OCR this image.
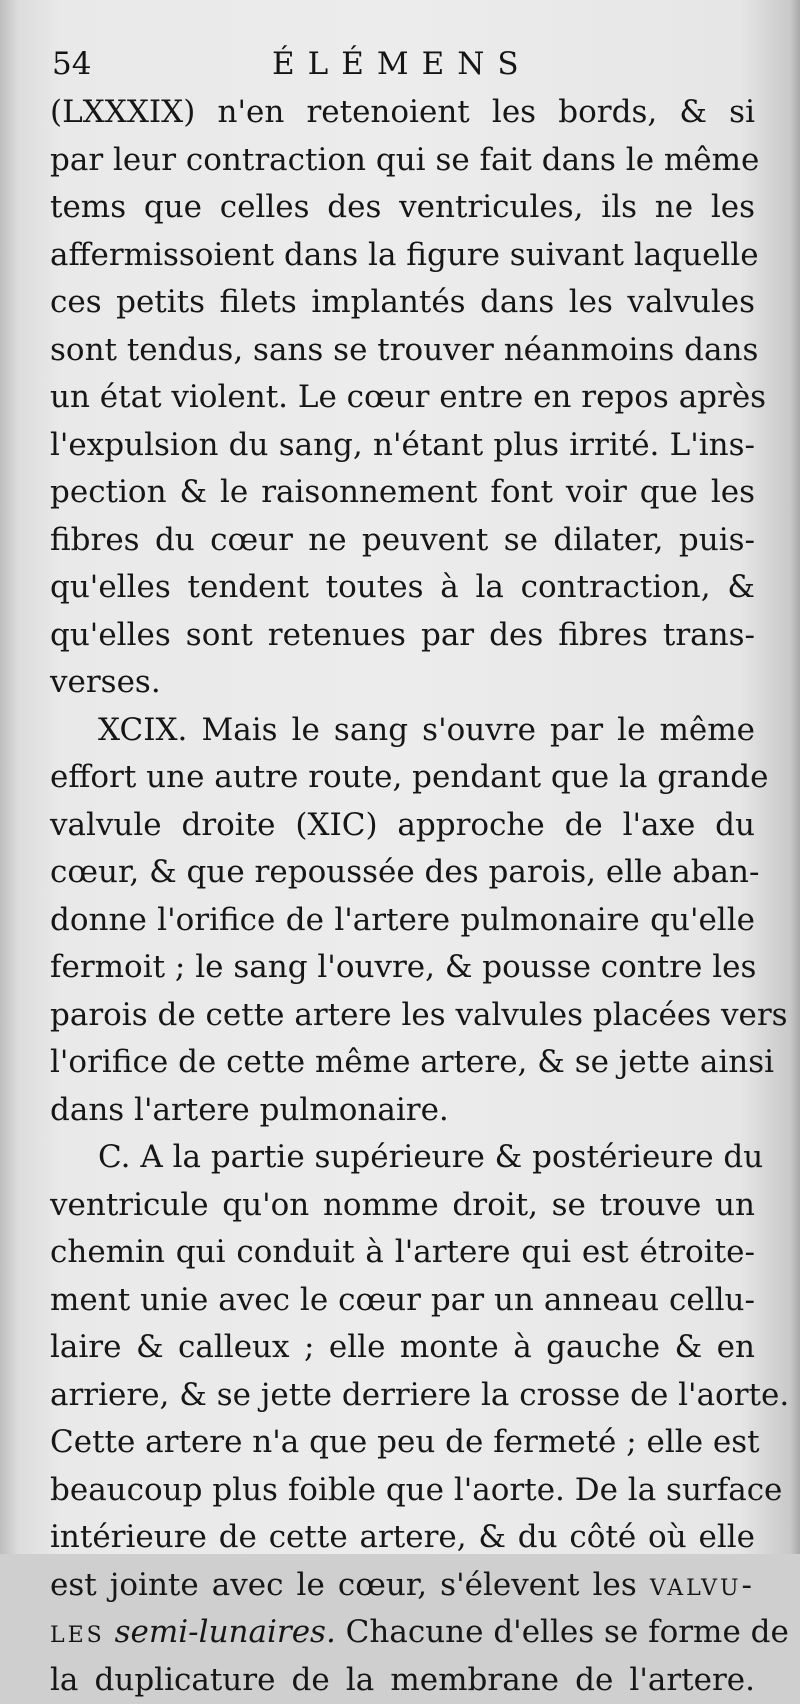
54	ÉLÉMENS
(LXXXIX) n'en retenoient les bords, & si
par leur contraction qui se fait dans le même
tems que celles des ventricules, ils ne les
affermissoient dans la figure suivant laquelle
ces petits filets implantés dans les valvules
sont tendus, sans se trouver néanmoins dans
un état violent. Le cœur entre en repos après
l'expulsion du sang, n'étant plus irrité. L'ins-
pection & le raisonnement font voir que les
fibres du cœur ne peuvent se dilater, puis-
qu'elles tendent toutes à la contraction, &
qu'elles sont retenues par des fibres trans-
verses.
XCIX. Mais le sang s'ouvre par le même
effort une autre route, pendant que la grande
valvule droite (XIC) approche de l'axe du
cœur, & que repoussée des parois, elle aban-
donne l'orifice de l'artere pulmonaire qu'elle
fermoit ; le sang l'ouvre, & pousse contre les
parois de cette artere les valvules placées vers
l'orifice de cette même artere, & se jette ainsi
dans l'artere pulmonaire.
C. A la partie supérieure & postérieure du
ventricule qu'on nomme droit, se trouve un
chemin qui conduit à l'artere qui est étroite-
ment unie avec le cœur par un anneau cellu-
laire & calleux ; elle monte à gauche & en
arriere, & se jette derriere la crosse de l'aorte.
Cette artere n'a que peu de fermeté ; elle est
beaucoup plus foible que l'aorte. De la surface
intérieure de cette artere, & du côté où elle
est jointe avec le cœur, s'élevent les valvu-
les semi-lunaires. Chacune d'elles se forme de
la duplicature de la membrane de l'artere.
